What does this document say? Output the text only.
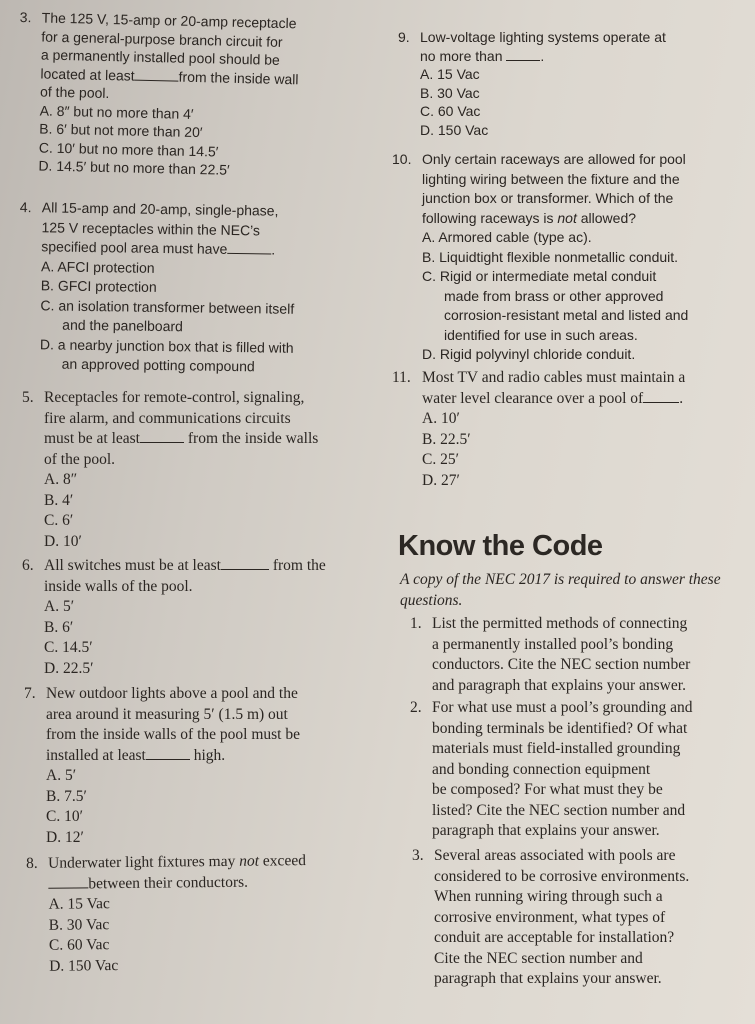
3. The 125 V, 15-amp or 20-amp receptacle
for a general-purpose branch circuit for
a permanently installed pool should be
located at least	from the inside wall
of the pool.
A. 8″ but no more than 4′
B. 6′ but not more than 20′
C. 10′ but no more than 14.5′
D. 14.5′ but no more than 22.5′
4. All 15-amp and 20-amp, single-phase,
125 V receptacles within the NEC’s
specified pool area must have	.
A. AFCI protection
B. GFCI protection
C. an isolation transformer between itself
and the panelboard
D. a nearby junction box that is filled with
an approved potting compound
5. Receptacles for remote-control, signaling,
fire alarm, and communications circuits
must be at least	from the inside walls
of the pool.
A. 8″
B. 4′
C. 6′
D. 10′
6. All switches must be at least	from the
inside walls of the pool.
A. 5′
B. 6′
C. 14.5′
D. 22.5′
7. New outdoor lights above a pool and the
area around it measuring 5′ (1.5 m) out
from the inside walls of the pool must be
installed at least	high.
A. 5′
B. 7.5′
C. 10′
D. 12′
8. Underwater light fixtures may not exceed
between their conductors.
A. 15 Vac
B. 30 Vac
C. 60 Vac
D. 150 Vac
9. Low-voltage lighting systems operate at
no more than	.
A. 15 Vac
B. 30 Vac
C. 60 Vac
D. 150 Vac
10. Only certain raceways are allowed for pool
lighting wiring between the fixture and the
junction box or transformer. Which of the
following raceways is not allowed?
A. Armored cable (type ac).
B. Liquidtight flexible nonmetallic conduit.
C. Rigid or intermediate metal conduit
made from brass or other approved
corrosion-resistant metal and listed and
identified for use in such areas.
D. Rigid polyvinyl chloride conduit.
11. Most TV and radio cables must maintain a
water level clearance over a pool of .
A. 10′
B. 22.5′
C. 25′
D. 27′
Know the Code
A copy of the NEC 2017 is required to answer these questions.
1. List the permitted methods of connecting
a permanently installed pool’s bonding
conductors. Cite the NEC section number
and paragraph that explains your answer.
2. For what use must a pool’s grounding and
bonding terminals be identified? Of what
materials must field-installed grounding
and bonding connection equipment
be composed? For what must they be
listed? Cite the NEC section number and
paragraph that explains your answer.
3. Several areas associated with pools are
considered to be corrosive environments.
When running wiring through such a
corrosive environment, what types of
conduit are acceptable for installation?
Cite the NEC section number and
paragraph that explains your answer.
